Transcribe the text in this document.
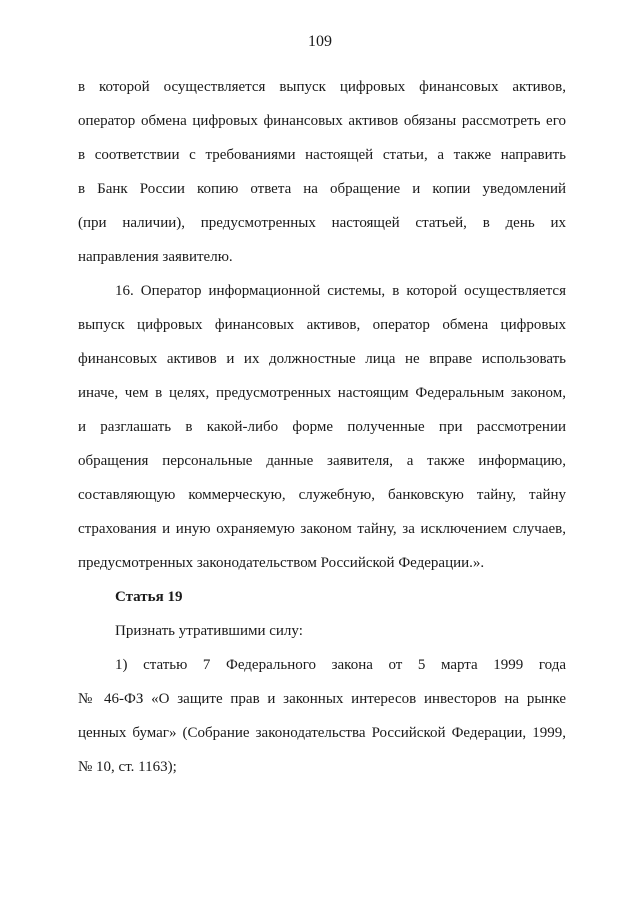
109
в которой осуществляется выпуск цифровых финансовых активов,
оператор обмена цифровых финансовых активов обязаны рассмотреть его
в соответствии с требованиями настоящей статьи, а также направить
в Банк России копию ответа на обращение и копии уведомлений
(при наличии), предусмотренных настоящей статьей, в день их
направления заявителю.
16. Оператор информационной системы, в которой осуществляется
выпуск цифровых финансовых активов, оператор обмена цифровых
финансовых активов и их должностные лица не вправе использовать
иначе, чем в целях, предусмотренных настоящим Федеральным законом,
и разглашать в какой-либо форме полученные при рассмотрении
обращения персональные данные заявителя, а также информацию,
составляющую коммерческую, служебную, банковскую тайну, тайну
страхования и иную охраняемую законом тайну, за исключением случаев,
предусмотренных законодательством Российской Федерации.».
Статья 19
Признать утратившими силу:
1) статью 7 Федерального закона от 5 марта 1999 года
№ 46-ФЗ «О защите прав и законных интересов инвесторов на рынке
ценных бумаг» (Собрание законодательства Российской Федерации, 1999,
№ 10, ст. 1163);
